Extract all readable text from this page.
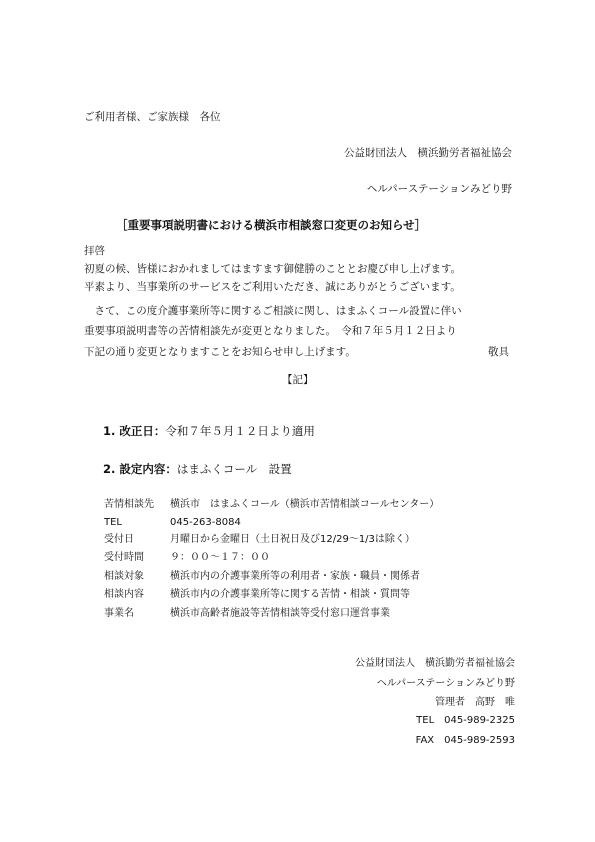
ご利用者様、ご家族様　各位
公益財団法人　横浜勤労者福祉協会
ヘルパーステーションみどり野
［重要事項説明書における横浜市相談窓口変更のお知らせ］
拝啓
初夏の候、皆様におかれましてはますます御健勝のこととお慶び申し上げます。
平素より、当事業所のサービスをご利用いただき、誠にありがとうございます。
　さて、この度介護事業所等に関するご相談に関し、はまふくコール設置に伴い
重要事項説明書等の苦情相談先が変更となりました。　令和７年５月１２日より
下記の通り変更となりますことをお知らせ申し上げます。	敬具
【記】
1. 改正日：令和７年５月１２日より適用
2. 設定内容：はまふくコール　設置
苦情相談先 横浜市　はまふくコール（横浜市苦情相談コールセンター）
TEL	045-263-8084
受付日	月曜日から金曜日（土日祝日及び12/29～1/3は除く）
受付時間	９：００～１７：００
相談対象	横浜市内の介護事業所等の利用者・家族・職員・関係者
相談内容	横浜市内の介護事業所等に関する苦情・相談・質問等
事業名	横浜市高齢者施設等苦情相談等受付窓口運営事業
公益財団法人　横浜勤労者福祉協会
ヘルパーステーションみどり野
管理者　高野　唯
TEL　045-989-2325
FAX　045-989-2593
